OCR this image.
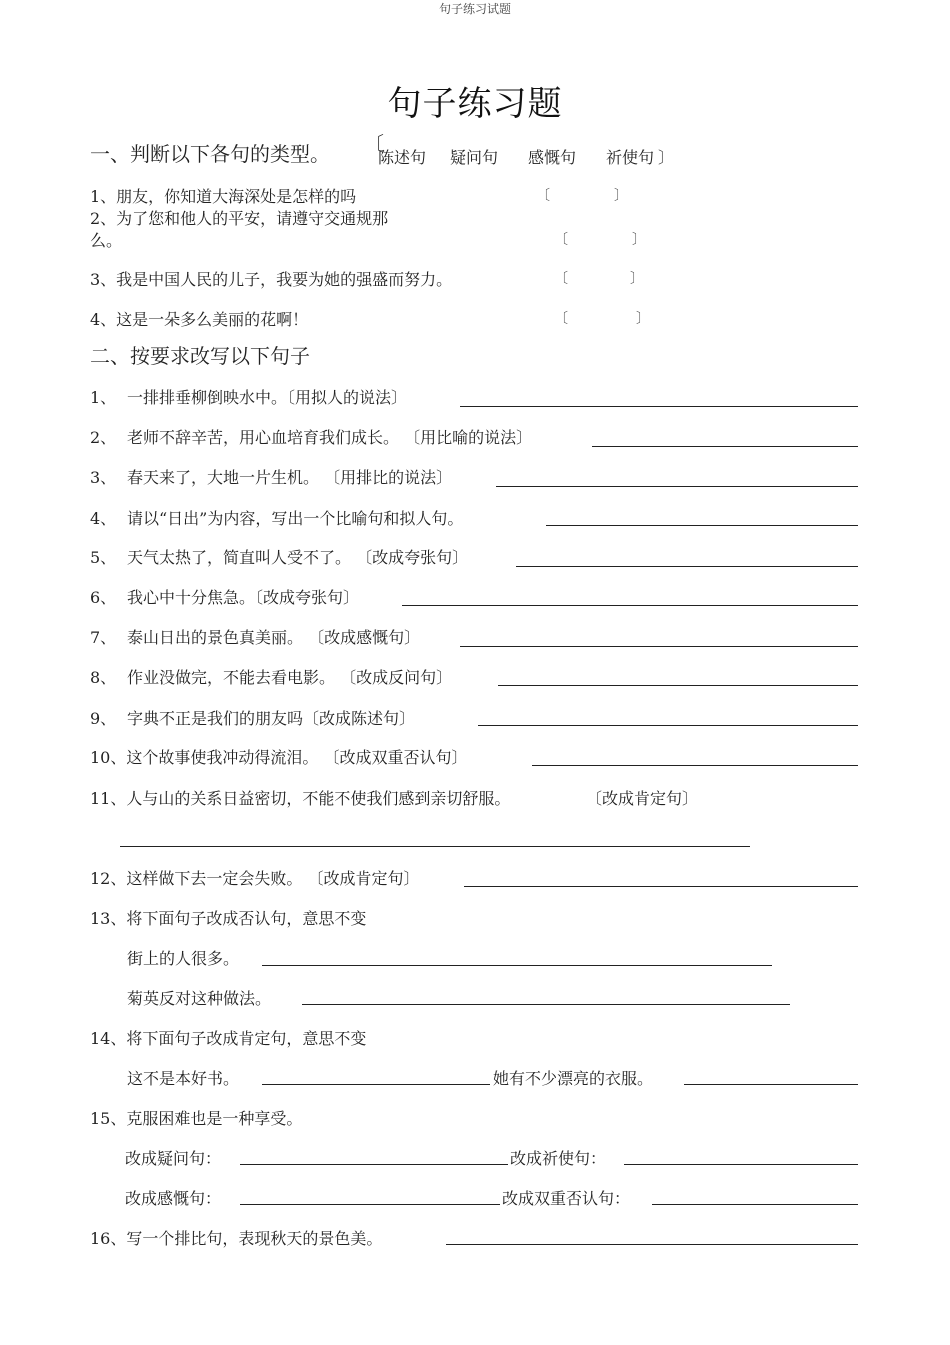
句子练习试题
句子练习题
一、判断以下各句的类型。 〔
陈述句 疑问句 感慨句 祈使句 〕
1、朋友，你知道大海深处是怎样的吗	〔	〕
2、为了您和他人的平安，请遵守交通规那
么。	〔	〕
3、我是中国人民的儿子，我要为她的强盛而努力。	〔	〕
4、这是一朵多么美丽的花啊！	〔	〕
二、按要求改写以下句子
1、 一排排垂柳倒映水中。〔用拟人的说法〕
2、 老师不辞辛苦，用心血培育我们成长。 〔用比喻的说法〕
3、 春天来了，大地一片生机。 〔用排比的说法〕
4、 请以“日出”为内容，写出一个比喻句和拟人句。
5、 天气太热了，简直叫人受不了。 〔改成夸张句〕
6、 我心中十分焦急。〔改成夸张句〕
7、 泰山日出的景色真美丽。 〔改成感慨句〕
8、 作业没做完，不能去看电影。 〔改成反问句〕
9、 字典不正是我们的朋友吗〔改成陈述句〕
10、这个故事使我冲动得流泪。 〔改成双重否认句〕
11、人与山的关系日益密切，不能不使我们感到亲切舒服。	〔改成肯定句〕
12、这样做下去一定会失败。 〔改成肯定句〕
13、将下面句子改成否认句，意思不变
街上的人很多。
菊英反对这种做法。
14、将下面句子改成肯定句，意思不变
这不是本好书。	她有不少漂亮的衣服。
15、克服困难也是一种享受。
改成疑问句：	改成祈使句：
改成感慨句：	改成双重否认句：
16、写一个排比句，表现秋天的景色美。
